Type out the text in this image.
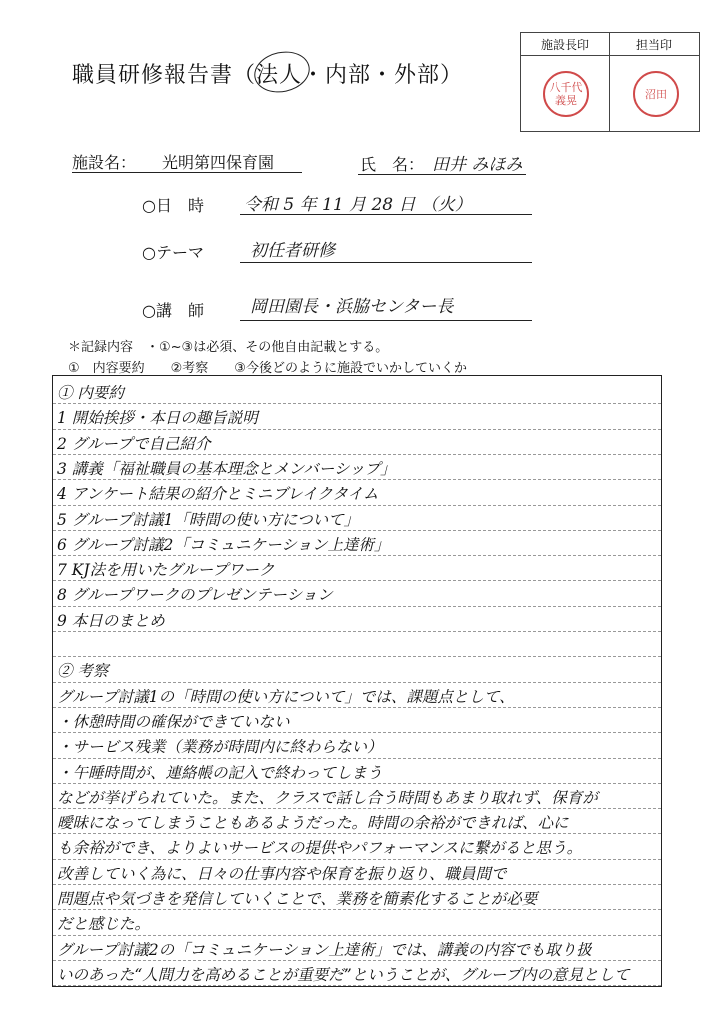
職員研修報告書（法人・内部・外部）
施設長印	担当印
八千代 義晃	沼田
施設名： 光明第四保育園	氏　名： 田井 みほみ
○日　時 令和 5 年 11 月 28 日 （火）
○テーマ	初任者研修
○講　師	岡田園長・浜脇センター長
＊記録内容　・①~③は必須、その他自由記載とする。
①　内容要約　　②考察　　③今後どのように施設でいかしていくか
① 内要約
1 開始挨拶・本日の趣旨説明
2 グループで自己紹介
3 講義「福祉職員の基本理念とメンバーシップ」
4 アンケート結果の紹介とミニブレイクタイム
5 グループ討議1「時間の使い方について」
6 グループ討議2「コミュニケーション上達術」
7 KJ法を用いたグループワーク
8 グループワークのプレゼンテーション
9 本日のまとめ
② 考察
グループ討議1の「時間の使い方について」では、課題点として、
・休憩時間の確保ができていない
・サービス残業（業務が時間内に終わらない）
・午睡時間が、連絡帳の記入で終わってしまう
などが挙げられていた。また、クラスで話し合う時間もあまり取れず、保育が
曖昧になってしまうこともあるようだった。時間の余裕ができれば、心に
も余裕ができ、よりよいサービスの提供やパフォーマンスに繋がると思う。
改善していく為に、日々の仕事内容や保育を振り返り、職員間で
問題点や気づきを発信していくことで、業務を簡素化することが必要
だと感じた。
グループ討議2の「コミュニケーション上達術」では、講義の内容でも取り扱
いのあった“人間力を高めることが重要だ”ということが、グループ内の意見として
